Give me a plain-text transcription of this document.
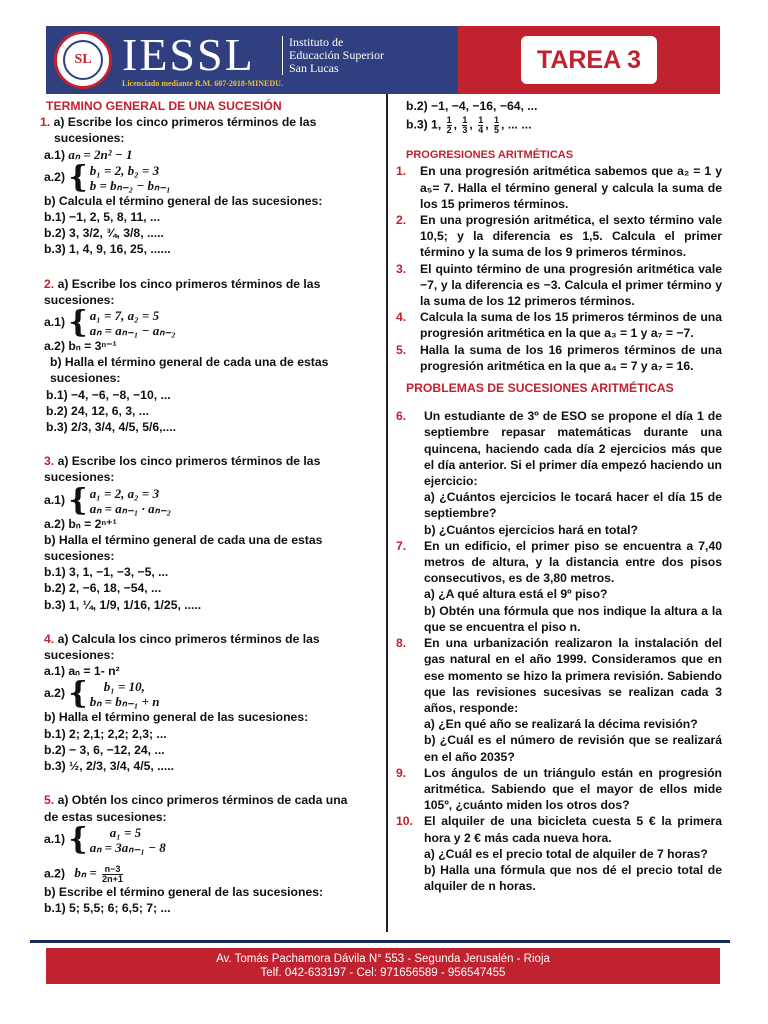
SL IESSL	Instituto de
Educación Superior
San Lucas
Licenciado mediante R.M. 607-2018-MINEDU.
TAREA 3
TERMINO GENERAL DE UNA SUCESIÓN
1. a) Escribe los cinco primeros términos de las
sucesiones:
a.1) aₙ = 2n² − 1
a.2) { b₁ = 2, b₂ = 3
b = bₙ₋₂ − bₙ₋₁
b) Calcula el término general de las sucesiones:
b.1) −1, 2, 5, 8, 11, ...
b.2) 3, 3/2, ¾, 3/8, .....
b.3) 1, 4, 9, 16, 25, ......
2. a) Escribe los cinco primeros términos de las
sucesiones:
a.1) { a₁ = 7, a₂ = 5
aₙ = aₙ₋₁ − aₙ₋₂
a.2) bₙ = 3ⁿ⁻¹
b) Halla el término general de cada una de estas
sucesiones:
b.1) −4, −6, −8, −10, ...
b.2) 24, 12, 6, 3, ...
b.3) 2/3, 3/4, 4/5, 5/6,....
3. a) Escribe los cinco primeros términos de las
sucesiones:
a.1) { a₁ = 2, a₂ = 3
aₙ = aₙ₋₁ · aₙ₋₂
a.2) bₙ = 2ⁿ⁺¹
b) Halla el término general de cada una de estas
sucesiones:
b.1) 3, 1, −1, −3, −5, ...
b.2) 2, −6, 18, −54, ...
b.3) 1, ¼, 1/9, 1/16, 1/25, .....
4. a) Calcula los cinco primeros términos de las
sucesiones:
a.1) aₙ = 1- n²
a.2) {	b₁ = 10,
bₙ = bₙ₋₁ + n
b) Halla el término general de las sucesiones:
b.1) 2; 2,1; 2,2; 2,3; ...
b.2) − 3, 6, −12, 24, ...
b.3) ½, 2/3, 3/4, 4/5, .....
5. a) Obtén los cinco primeros términos de cada una
de estas sucesiones:
a.1) {	a₁ = 5
aₙ = 3aₙ₋₁ − 8
a.2) $b_n = \frac{n-3}{2n+1}$
b) Escribe el término general de las sucesiones:
b.1) 5; 5,5; 6; 6,5; 7; ...
b.2) −1, −4, −16, −64, ...
b.3) 1, $\frac{1}{2}$ , $\frac{1}{3}$ , $\frac{1}{4}$ , $\frac{1}{5}$ , ... ...
PROGRESIONES ARITMÉTICAS
1.	En una progresión aritmética sabemos que a₂ = 1 y a₅= 7. Halla el término general y calcula la suma de los 15 primeros términos.
2.	En una progresión aritmética, el sexto término vale 10,5; y la diferencia es 1,5. Calcula el primer término y la suma de los 9 primeros términos.
3.	El quinto término de una progresión aritmética vale −7, y la diferencia es −3. Calcula el primer término y la suma de los 12 primeros términos.
4.	Calcula la suma de los 15 primeros términos de una progresión aritmética en la que a₃ = 1 y a₇ = −7.
5.	Halla la suma de los 16 primeros términos de una progresión aritmética en la que a₄ = 7 y a₇ = 16.
PROBLEMAS DE SUCESIONES ARITMÉTICAS
6.	Un estudiante de 3º de ESO se propone el día 1 de septiembre repasar matemáticas durante una quincena, haciendo cada día 2 ejercicios más que el día anterior. Si el primer día empezó haciendo un ejercicio:
a) ¿Cuántos ejercicios le tocará hacer el día 15 de septiembre?
b) ¿Cuántos ejercicios hará en total?
7.	En un edificio, el primer piso se encuentra a 7,40 metros de altura, y la distancia entre dos pisos consecutivos, es de 3,80 metros.
a) ¿A qué altura está el 9º piso?
b) Obtén una fórmula que nos indique la altura a la que se encuentra el piso n.
8.	En una urbanización realizaron la instalación del gas natural en el año 1999. Consideramos que en ese momento se hizo la primera revisión. Sabiendo que las revisiones sucesivas se realizan cada 3 años, responde:
a) ¿En qué año se realizará la décima revisión?
b) ¿Cuál es el número de revisión que se realizará en el año 2035?
9.	Los ángulos de un triángulo están en progresión aritmética. Sabiendo que el mayor de ellos mide 105º, ¿cuánto miden los otros dos?
10. El alquiler de una bicicleta cuesta 5 € la primera hora y 2 € más cada nueva hora.
a) ¿Cuál es el precio total de alquiler de 7 horas?
b) Halla una fórmula que nos dé el precio total de alquiler de n horas.
Av. Tomás Pachamora Dávila N° 553 - Segunda Jerusalén - Rioja
Telf. 042-633197 - Cel: 971656589 - 956547455
